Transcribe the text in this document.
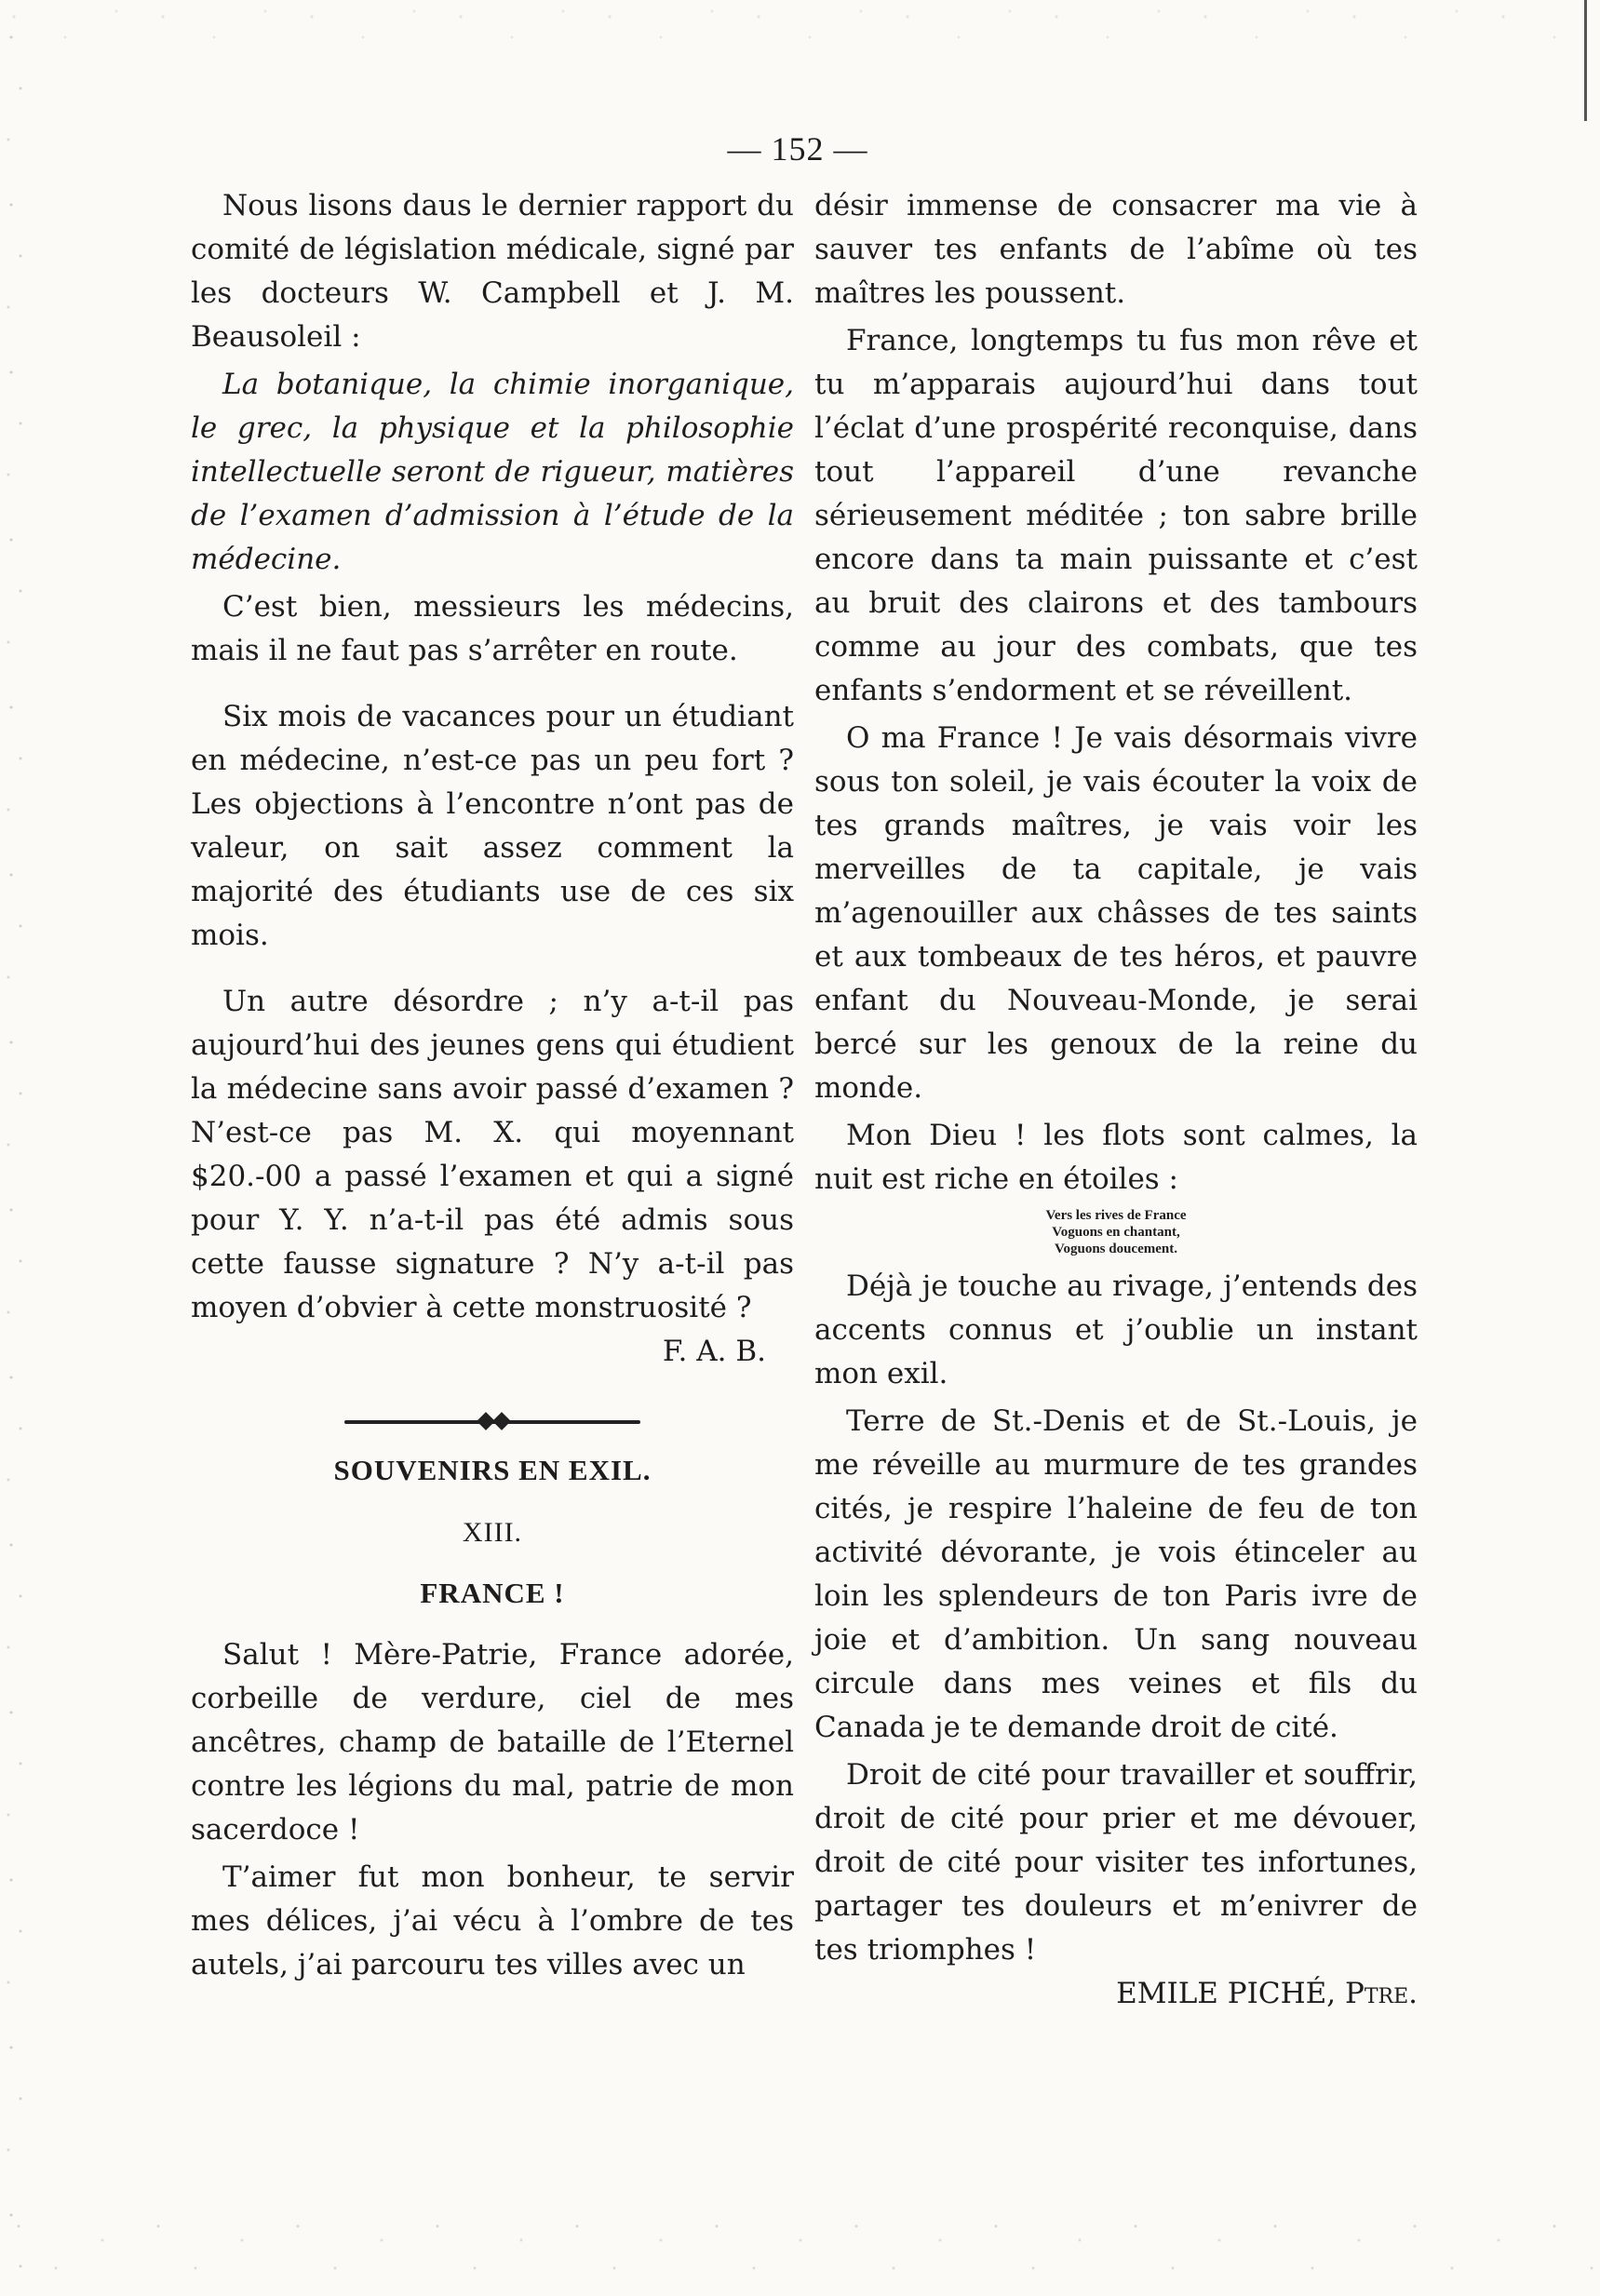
— 152 —

Nous lisons daus le dernier rapport du comité de législation médicale, signé par les docteurs W. Campbell et J. M. Beausoleil :

La botanique, la chimie inorganique, le grec, la physique et la philosophie intellectuelle seront de rigueur, matières de l’examen d’admission à l’étude de la médecine.

C’est bien, messieurs les médecins, mais il ne faut pas s’arrêter en route.

Six mois de vacances pour un étudiant en médecine, n’est-ce pas un peu fort ? Les objections à l’encontre n’ont pas de valeur, on sait assez comment la majorité des étudiants use de ces six mois.

Un autre désordre ; n’y a-t-il pas aujourd’hui des jeunes gens qui étudient la médecine sans avoir passé d’examen ? N’est-ce pas M. X. qui moyennant $20.-00 a passé l’examen et qui a signé pour Y. Y. n’a-t-il pas été admis sous cette fausse signature ? N’y a-t-il pas moyen d’obvier à cette monstruosité ?

F. A. B.

SOUVENIRS EN EXIL.

XIII.

FRANCE !

Salut ! Mère-Patrie, France adorée, corbeille de verdure, ciel de mes ancêtres, champ de bataille de l’Eternel contre les légions du mal, patrie de mon sacerdoce !

T’aimer fut mon bonheur, te servir mes délices, j’ai vécu à l’ombre de tes autels, j’ai parcouru tes villes avec un

désir immense de consacrer ma vie à sauver tes enfants de l’abîme où tes maîtres les poussent.

France, longtemps tu fus mon rêve et tu m’apparais aujourd’hui dans tout l’éclat d’une prospérité reconquise, dans tout l’appareil d’une revanche sérieusement méditée ; ton sabre brille encore dans ta main puissante et c’est au bruit des clairons et des tambours comme au jour des combats, que tes enfants s’endorment et se réveillent.

O ma France ! Je vais désormais vivre sous ton soleil, je vais écouter la voix de tes grands maîtres, je vais voir les merveilles de ta capitale, je vais m’agenouiller aux châsses de tes saints et aux tombeaux de tes héros, et pauvre enfant du Nouveau-Monde, je serai bercé sur les genoux de la reine du monde.

Mon Dieu ! les flots sont calmes, la nuit est riche en étoiles :

Vers les rives de France
Voguons en chantant,
Voguons doucement.

Déjà je touche au rivage, j’entends des accents connus et j’oublie un instant mon exil.

Terre de St.-Denis et de St.-Louis, je me réveille au murmure de tes grandes cités, je respire l’haleine de feu de ton activité dévorante, je vois étinceler au loin les splendeurs de ton Paris ivre de joie et d’ambition. Un sang nouveau circule dans mes veines et fils du Canada je te demande droit de cité.

Droit de cité pour travailler et souffrir, droit de cité pour prier et me dévouer, droit de cité pour visiter tes infortunes, partager tes douleurs et m’enivrer de tes triomphes !

EMILE PICHÉ, Ptre.
